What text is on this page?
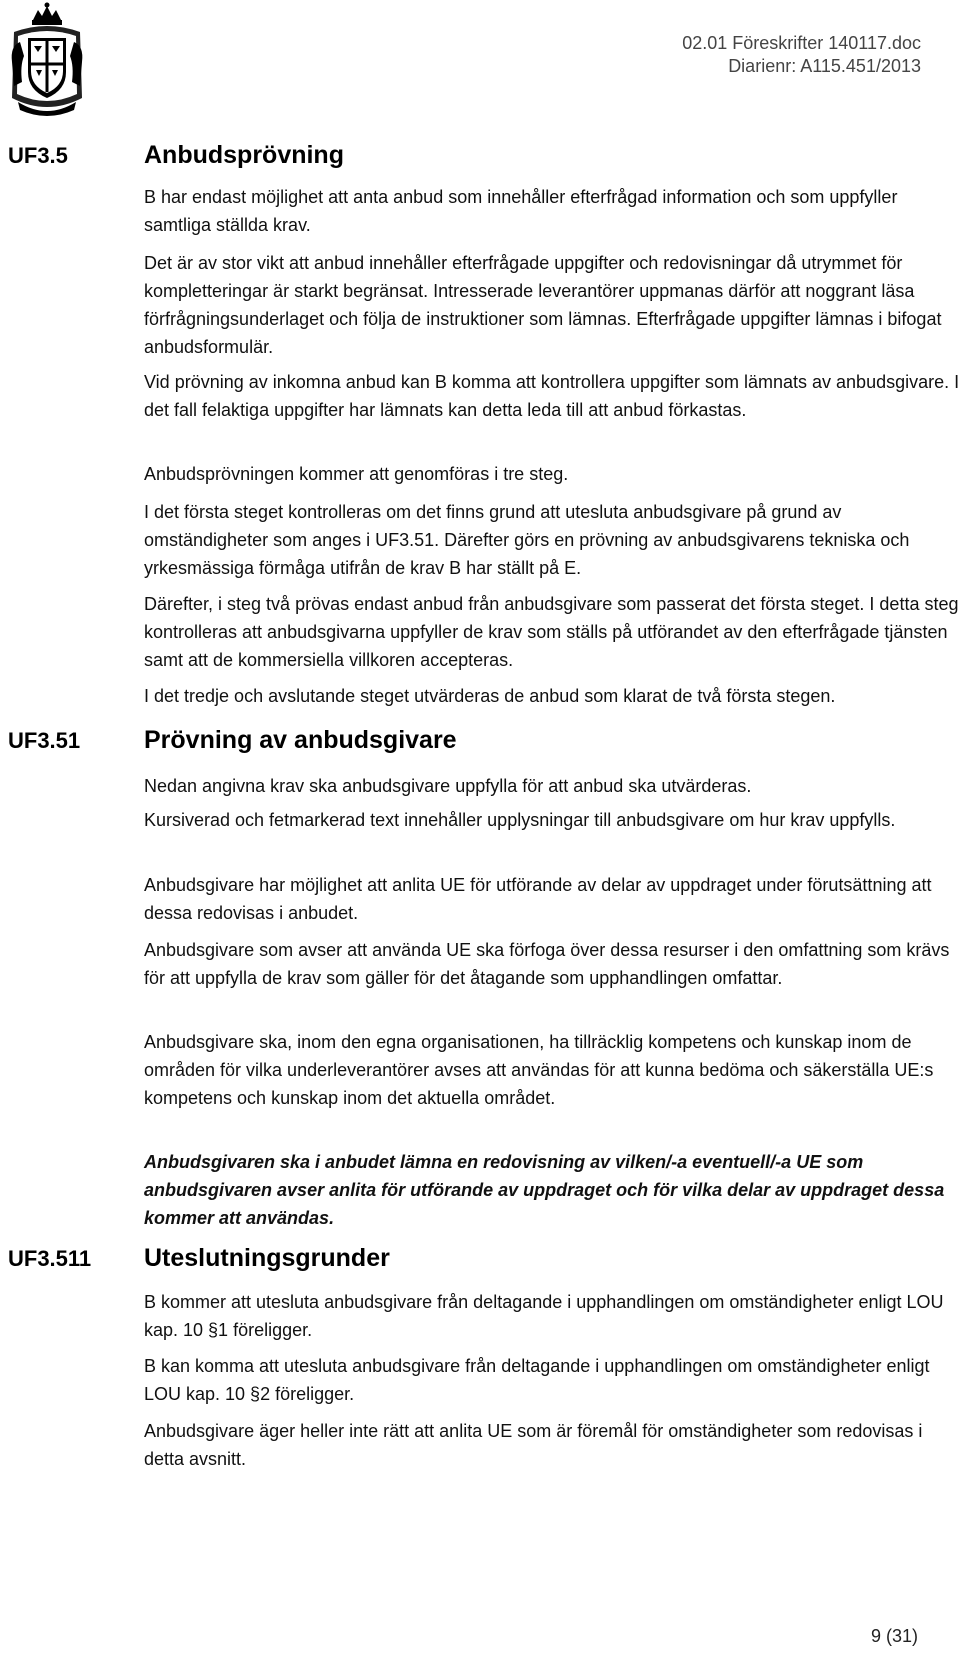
02.01 Föreskrifter 140117.doc
Diarienr: A115.451/2013
UF3.5	Anbudsprövning

B har endast möjlighet att anta anbud som innehåller efterfrågad information och som uppfyller samtliga ställda krav.

Det är av stor vikt att anbud innehåller efterfrågade uppgifter och redovisningar då utrymmet för kompletteringar är starkt begränsat. Intresserade leverantörer uppmanas därför att noggrant läsa förfrågningsunderlaget och följa de instruktioner som lämnas. Efterfrågade uppgifter lämnas i bifogat anbudsformulär.

Vid prövning av inkomna anbud kan B komma att kontrollera uppgifter som lämnats av anbudsgivare. I det fall felaktiga uppgifter har lämnats kan detta leda till att anbud förkastas.

Anbudsprövningen kommer att genomföras i tre steg.

I det första steget kontrolleras om det finns grund att utesluta anbudsgivare på grund av omständigheter som anges i UF3.51. Därefter görs en prövning av anbudsgivarens tekniska och yrkesmässiga förmåga utifrån de krav B har ställt på E.

Därefter, i steg två prövas endast anbud från anbudsgivare som passerat det första steget. I detta steg kontrolleras att anbudsgivarna uppfyller de krav som ställs på utförandet av den efterfrågade tjänsten samt att de kommersiella villkoren accepteras.

I det tredje och avslutande steget utvärderas de anbud som klarat de två första stegen.

UF3.51	Prövning av anbudsgivare

Nedan angivna krav ska anbudsgivare uppfylla för att anbud ska utvärderas.

Kursiverad och fetmarkerad text innehåller upplysningar till anbudsgivare om hur krav uppfylls.

Anbudsgivare har möjlighet att anlita UE för utförande av delar av uppdraget under förutsättning att dessa redovisas i anbudet.

Anbudsgivare som avser att använda UE ska förfoga över dessa resurser i den omfattning som krävs för att uppfylla de krav som gäller för det åtagande som upphandlingen omfattar.

Anbudsgivare ska, inom den egna organisationen, ha tillräcklig kompetens och kunskap inom de områden för vilka underleverantörer avses att användas för att kunna bedöma och säkerställa UE:s kompetens och kunskap inom det aktuella området.

Anbudsgivaren ska i anbudet lämna en redovisning av vilken/-a eventuell/-a UE som anbudsgivaren avser anlita för utförande av uppdraget och för vilka delar av uppdraget dessa kommer att användas.

UF3.511 Uteslutningsgrunder

B kommer att utesluta anbudsgivare från deltagande i upphandlingen om omständigheter enligt LOU kap. 10 §1 föreligger.

B kan komma att utesluta anbudsgivare från deltagande i upphandlingen om omständigheter enligt LOU kap. 10 §2 föreligger.

Anbudsgivare äger heller inte rätt att anlita UE som är föremål för omständigheter som redovisas i detta avsnitt.

9 (31)
